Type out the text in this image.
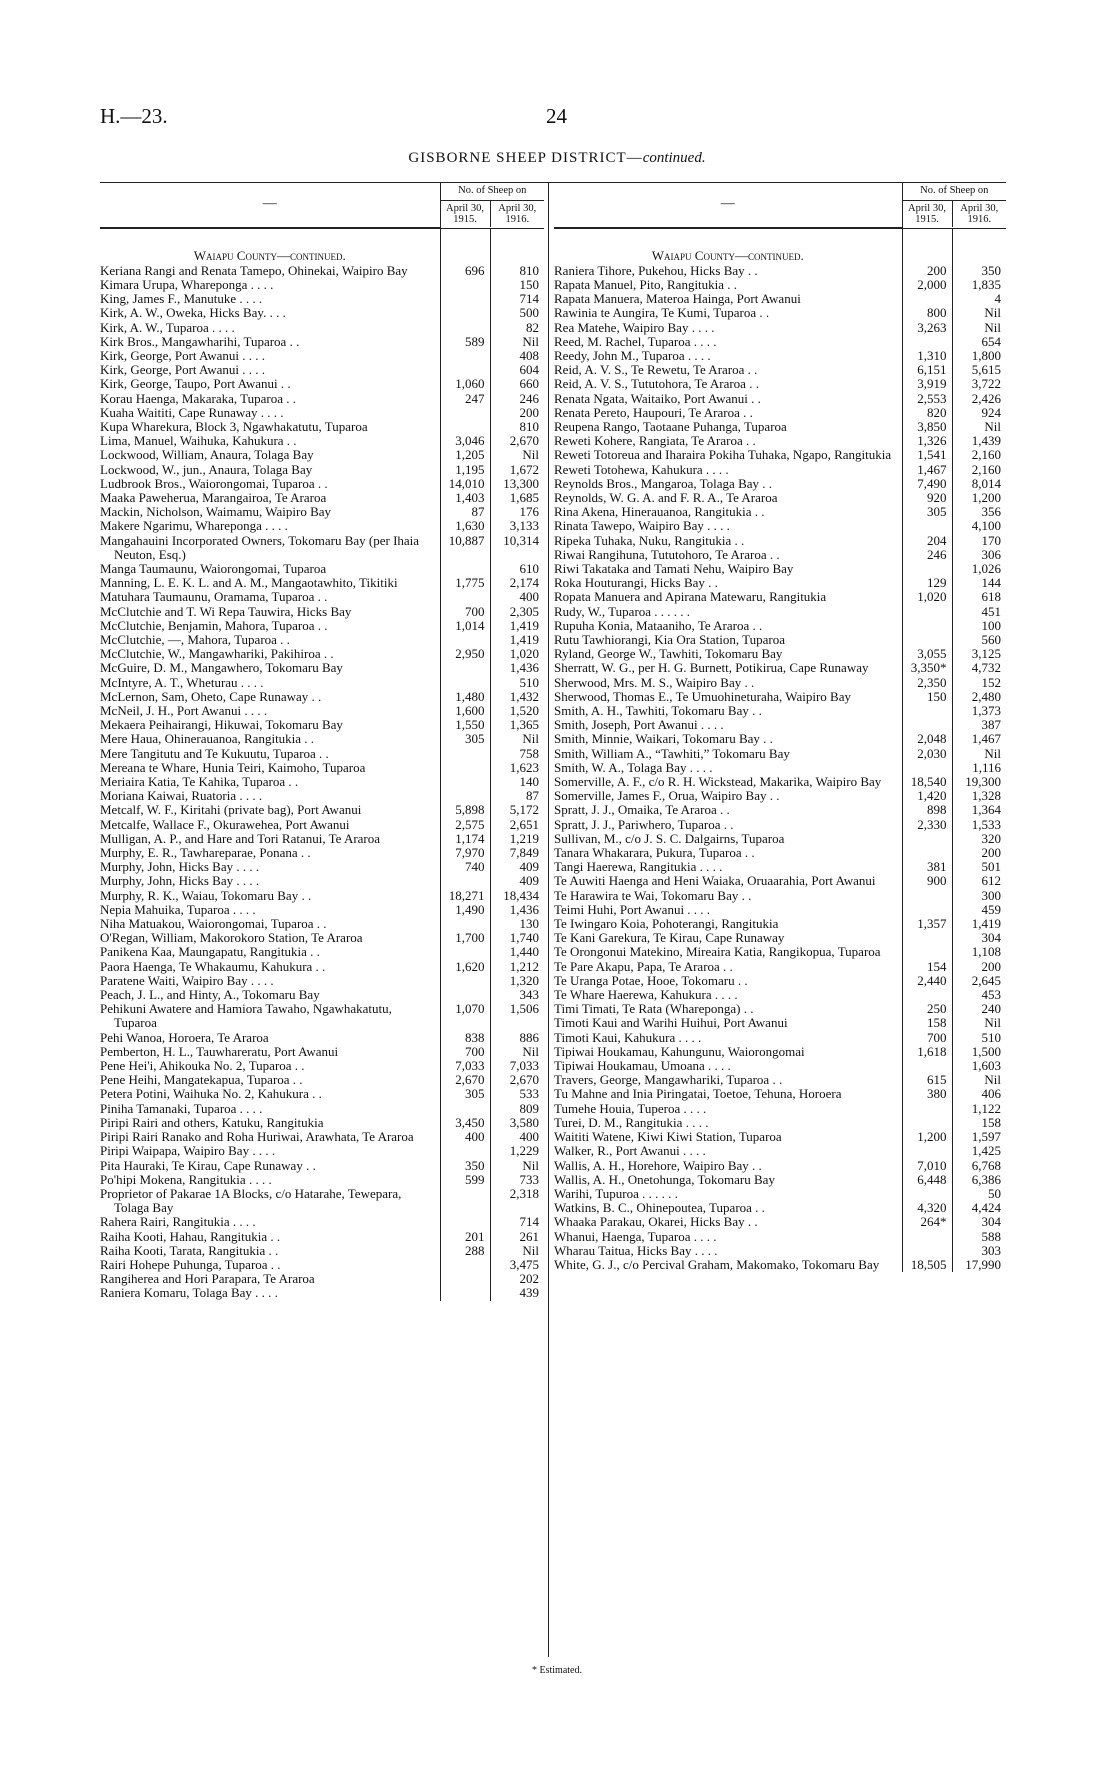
H.—23.	24
GISBORNE SHEEP DISTRICT—continued.
—	No. of Sheep on	
	April 30, 1915.	April 30, 1916.

Waiapu County—continued.		
Keriana Rangi and Renata Tamepo, Ohinekai, Waipiro Bay	696	810
Kimara Urupa, Whareponga . . . .		150
King, James F., Manutuke . . . .		714
Kirk, A. W., Oweka, Hicks Bay. . . .		500
Kirk, A. W., Tuparoa . . . .		82
Kirk Bros., Mangawharihi, Tuparoa . .	589	Nil
Kirk, George, Port Awanui . . . .		408
Kirk, George, Port Awanui . . . .		604
Kirk, George, Taupo, Port Awanui . .	1,060	660
Korau Haenga, Makaraka, Tuparoa . .	247	246
Kuaha Waititi, Cape Runaway . . . .		200
Kupa Wharekura, Block 3, Ngawhakatutu, Tuparoa		810
Lima, Manuel, Waihuka, Kahukura . .	3,046	2,670
Lockwood, William, Anaura, Tolaga Bay	1,205	Nil
Lockwood, W., jun., Anaura, Tolaga Bay	1,195	1,672
Ludbrook Bros., Waiorongomai, Tuparoa . .	14,010	13,300
Maaka Paweherua, Marangairoa, Te Araroa	1,403	1,685
Mackin, Nicholson, Waimamu, Waipiro Bay	87	176
Makere Ngarimu, Whareponga . . . .	1,630	3,133
Mangahauini Incorporated Owners, Tokomaru Bay (per Ihaia Neuton, Esq.)	10,887	10,314
Manga Taumaunu, Waiorongomai, Tuparoa		610
Manning, L. E. K. L. and A. M., Mangaotawhito, Tikitiki	1,775	2,174
Matuhara Taumaunu, Oramama, Tuparoa . .		400
McClutchie and T. Wi Repa Tauwira, Hicks Bay	700	2,305
McClutchie, Benjamin, Mahora, Tuparoa . .	1,014	1,419
McClutchie, —, Mahora, Tuparoa . .		1,419
McClutchie, W., Mangawhariki, Pakihiroa . .	2,950	1,020
McGuire, D. M., Mangawhero, Tokomaru Bay		1,436
McIntyre, A. T., Wheturau . . . .		510
McLernon, Sam, Oheto, Cape Runaway . .	1,480	1,432
McNeil, J. H., Port Awanui . . . .	1,600	1,520
Mekaera Peihairangi, Hikuwai, Tokomaru Bay	1,550	1,365
Mere Haua, Ohinerauanoa, Rangitukia . .	305	Nil
Mere Tangitutu and Te Kukuutu, Tuparoa . .		758
Mereana te Whare, Hunia Teiri, Kaimoho, Tuparoa		1,623
Meriaira Katia, Te Kahika, Tuparoa . .		140
Moriana Kaiwai, Ruatoria . . . .		87
Metcalf, W. F., Kiritahi (private bag), Port Awanui	5,898	5,172
Metcalfe, Wallace F., Okurawehea, Port Awanui	2,575	2,651
Mulligan, A. P., and Hare and Tori Ratanui, Te Araroa	1,174	1,219
Murphy, E. R., Tawhareparae, Ponana . .	7,970	7,849
Murphy, John, Hicks Bay . . . .	740	409
Murphy, John, Hicks Bay . . . .		409
Murphy, R. K., Waiau, Tokomaru Bay . .	18,271	18,434
Nepia Mahuika, Tuparoa . . . .	1,490	1,436
Niha Matuakou, Waiorongomai, Tuparoa . .		130
O'Regan, William, Makorokoro Station, Te Araroa	1,700	1,740
Panikena Kaa, Maungapatu, Rangitukia . .		1,440
Paora Haenga, Te Whakaumu, Kahukura . .	1,620	1,212
Paratene Waiti, Waipiro Bay . . . .		1,320
Peach, J. L., and Hinty, A., Tokomaru Bay		343
Pehikuni Awatere and Hamiora Tawaho, Ngawhakatutu, Tuparoa	1,070	1,506
Pehi Wanoa, Horoera, Te Araroa	838	886
Pemberton, H. L., Tauwhareratu, Port Awanui	700	Nil
Pene Hei'i, Ahikouka No. 2, Tuparoa . .	7,033	7,033
Pene Heihi, Mangatekapua, Tuparoa . .	2,670	2,670
Petera Potini, Waihuka No. 2, Kahukura . .	305	533
Piniha Tamanaki, Tuparoa . . . .		809
Piripi Rairi and others, Katuku, Rangitukia	3,450	3,580
Piripi Rairi Ranako and Roha Huriwai, Arawhata, Te Araroa	400	400
Piripi Waipapa, Waipiro Bay . . . .		1,229
Pita Hauraki, Te Kirau, Cape Runaway . .	350	Nil
Po'hipi Mokena, Rangitukia . . . .	599	733
Proprietor of Pakarae 1A Blocks, c/o Hatarahe, Tewepara, Tolaga Bay		2,318
Rahera Rairi, Rangitukia . . . .		714
Raiha Kooti, Hahau, Rangitukia . .	201	261
Raiha Kooti, Tarata, Rangitukia . .	288	Nil
Rairi Hohepe Puhunga, Tuparoa . .		3,475
Rangiherea and Hori Parapara, Te Araroa		202
Raniera Komaru, Tolaga Bay . . . .		439
—	No. of Sheep on	
	April 30, 1915.	April 30, 1916.

Waiapu County—continued.		
Raniera Tihore, Pukehou, Hicks Bay . .	200	350
Rapata Manuel, Pito, Rangitukia . .	2,000	1,835
Rapata Manuera, Materoa Hainga, Port Awanui		4
Rawinia te Aungira, Te Kumi, Tuparoa . .	800	Nil
Rea Matehe, Waipiro Bay . . . .	3,263	Nil
Reed, M. Rachel, Tuparoa . . . .		654
Reedy, John M., Tuparoa . . . .	1,310	1,800
Reid, A. V. S., Te Rewetu, Te Araroa . .	6,151	5,615
Reid, A. V. S., Tututohora, Te Araroa . .	3,919	3,722
Renata Ngata, Waitaiko, Port Awanui . .	2,553	2,426
Renata Pereto, Haupouri, Te Araroa . .	820	924
Reupena Rango, Taotaane Puhanga, Tuparoa	3,850	Nil
Reweti Kohere, Rangiata, Te Araroa . .	1,326	1,439
Reweti Totoreua and Iharaira Pokiha Tuhaka, Ngapo, Rangitukia	1,541	2,160
Reweti Totohewa, Kahukura . . . .	1,467	2,160
Reynolds Bros., Mangaroa, Tolaga Bay . .	7,490	8,014
Reynolds, W. G. A. and F. R. A., Te Araroa	920	1,200
Rina Akena, Hinerauanoa, Rangitukia . .	305	356
Rinata Tawepo, Waipiro Bay . . . .		4,100
Ripeka Tuhaka, Nuku, Rangitukia . .	204	170
Riwai Rangihuna, Tututohoro, Te Araroa . .	246	306
Riwi Takataka and Tamati Nehu, Waipiro Bay		1,026
Roka Houturangi, Hicks Bay . .	129	144
Ropata Manuera and Apirana Matewaru, Rangitukia	1,020	618
Rudy, W., Tuparoa . . . . . .		451
Rupuha Konia, Mataaniho, Te Araroa . .		100
Rutu Tawhiorangi, Kia Ora Station, Tuparoa		560
Ryland, George W., Tawhiti, Tokomaru Bay	3,055	3,125
Sherratt, W. G., per H. G. Burnett, Potikirua, Cape Runaway	3,350*	4,732
Sherwood, Mrs. M. S., Waipiro Bay . .	2,350	152
Sherwood, Thomas E., Te Umuohineturaha, Waipiro Bay	150	2,480
Smith, A. H., Tawhiti, Tokomaru Bay . .		1,373
Smith, Joseph, Port Awanui . . . .		387
Smith, Minnie, Waikari, Tokomaru Bay . .	2,048	1,467
Smith, William A., “Tawhiti,” Tokomaru Bay	2,030	Nil
Smith, W. A., Tolaga Bay . . . .		1,116
Somerville, A. F., c/o R. H. Wickstead, Makarika, Waipiro Bay	18,540	19,300
Somerville, James F., Orua, Waipiro Bay . .	1,420	1,328
Spratt, J. J., Omaika, Te Araroa . .	898	1,364
Spratt, J. J., Pariwhero, Tuparoa . .	2,330	1,533
Sullivan, M., c/o J. S. C. Dalgairns, Tuparoa		320
Tanara Whakarara, Pukura, Tuparoa . .		200
Tangi Haerewa, Rangitukia . . . .	381	501
Te Auwiti Haenga and Heni Waiaka, Oruaarahia, Port Awanui	900	612
Te Harawira te Wai, Tokomaru Bay . .		300
Teimi Huhi, Port Awanui . . . .		459
Te Iwingaro Koia, Pohoterangi, Rangitukia	1,357	1,419
Te Kani Garekura, Te Kirau, Cape Runaway		304
Te Orongonui Matekino, Mireaira Katia, Rangikopua, Tuparoa		1,108
Te Pare Akapu, Papa, Te Araroa . .	154	200
Te Uranga Potae, Hooe, Tokomaru . .	2,440	2,645
Te Whare Haerewa, Kahukura . . . .		453
Timi Timati, Te Rata (Whareponga) . .	250	240
Timoti Kaui and Warihi Huihui, Port Awanui	158	Nil
Timoti Kaui, Kahukura . . . .	700	510
Tipiwai Houkamau, Kahungunu, Waiorongomai	1,618	1,500
Tipiwai Houkamau, Umoana . . . .		1,603
Travers, George, Mangawhariki, Tuparoa . .	615	Nil
Tu Mahne and Inia Piringatai, Toetoe, Tehuna, Horoera	380	406
Tumehe Houia, Tuperoa . . . .		1,122
Turei, D. M., Rangitukia . . . .		158
Waititi Watene, Kiwi Kiwi Station, Tuparoa	1,200	1,597
Walker, R., Port Awanui . . . .		1,425
Wallis, A. H., Horehore, Waipiro Bay . .	7,010	6,768
Wallis, A. H., Onetohunga, Tokomaru Bay	6,448	6,386
Warihi, Tupuroa . . . . . .		50
Watkins, B. C., Ohinepoutea, Tuparoa . .	4,320	4,424
Whaaka Parakau, Okarei, Hicks Bay . .	264*	304
Whanui, Haenga, Tuparoa . . . .		588
Wharau Taitua, Hicks Bay . . . .		303
White, G. J., c/o Percival Graham, Makomako, Tokomaru Bay	18,505	17,990
* Estimated.
